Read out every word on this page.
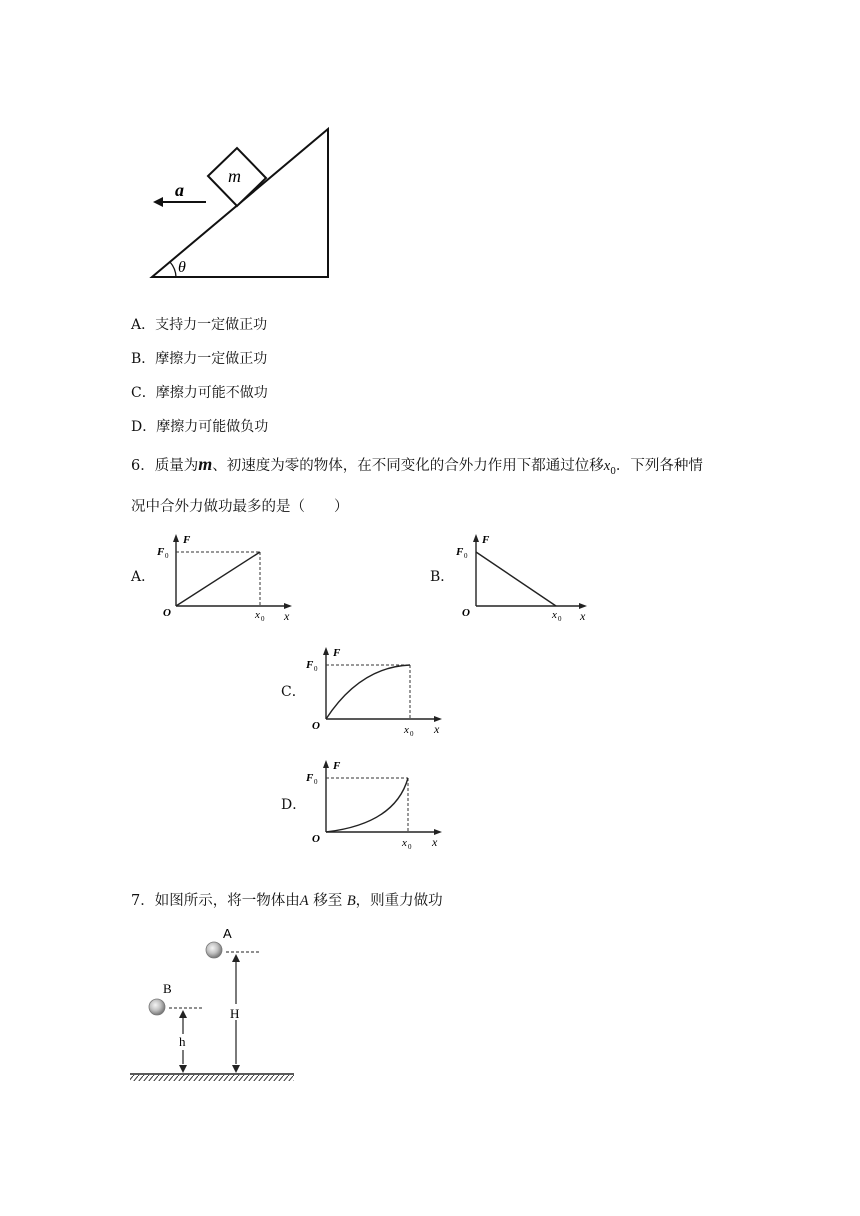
m
a
θ
A．支持力一定做正功
B．摩擦力一定做正功
C．摩擦力可能不做功
D．摩擦力可能做负功
6．质量为m、初速度为零的物体，在不同变化的合外力作用下都通过位移$x_0$．下列各种情
况中合外力做功最多的是（　　）
A．
F
F 0
O	x 0 x
B．
F
F 0
O	x 0 x
C．
F
F 0
O	x 0 x
D．
F
F 0
O	x 0 x
7．如图所示，将一物体由A 移至 B，则重力做功
A
H
B
h
